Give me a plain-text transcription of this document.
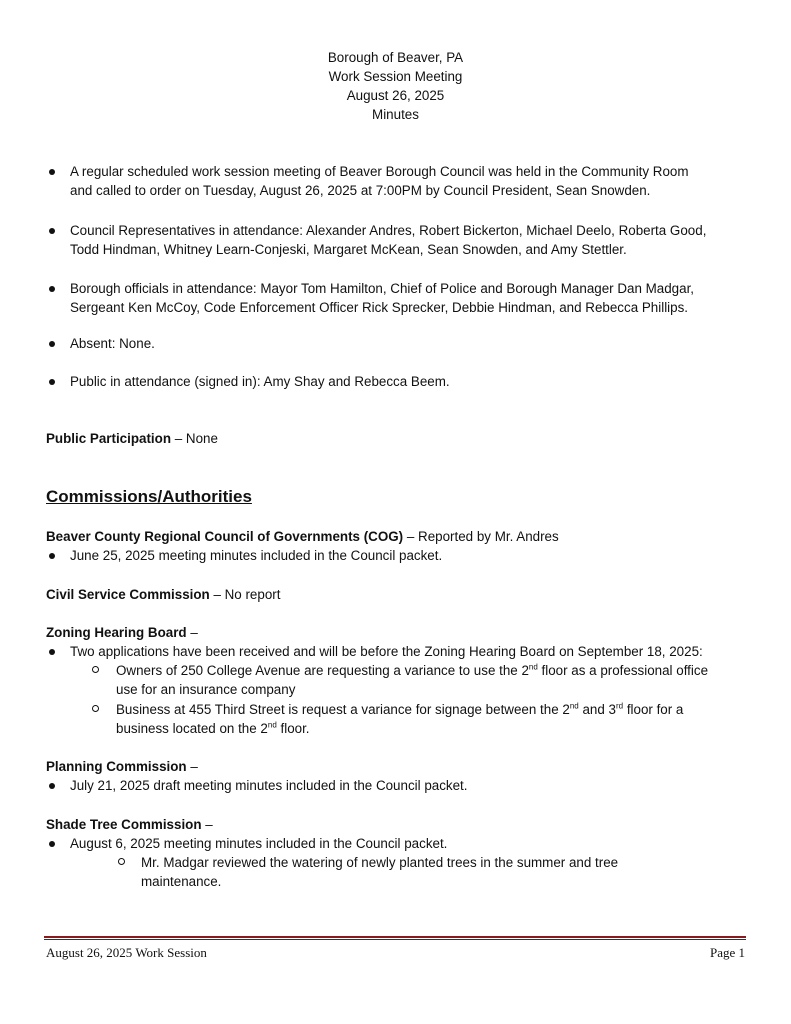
Borough of Beaver, PA
Work Session Meeting
August 26, 2025
Minutes
A regular scheduled work session meeting of Beaver Borough Council was held in the Community Room
and called to order on Tuesday, August 26, 2025 at 7:00PM by Council President, Sean Snowden.
Council Representatives in attendance: Alexander Andres, Robert Bickerton, Michael Deelo, Roberta Good,
Todd Hindman, Whitney Learn-Conjeski, Margaret McKean, Sean Snowden, and Amy Stettler.
Borough officials in attendance: Mayor Tom Hamilton, Chief of Police and Borough Manager Dan Madgar,
Sergeant Ken McCoy, Code Enforcement Officer Rick Sprecker, Debbie Hindman, and Rebecca Phillips.
Absent: None.
Public in attendance (signed in): Amy Shay and Rebecca Beem.
Public Participation – None
Commissions/Authorities
Beaver County Regional Council of Governments (COG) – Reported by Mr. Andres
June 25, 2025 meeting minutes included in the Council packet.
Civil Service Commission – No report
Zoning Hearing Board –
Two applications have been received and will be before the Zoning Hearing Board on September 18, 2025:
Owners of 250 College Avenue are requesting a variance to use the 2nd floor as a professional office
use for an insurance company
Business at 455 Third Street is request a variance for signage between the 2nd and 3rd floor for a
business located on the 2nd floor.
Planning Commission –
July 21, 2025 draft meeting minutes included in the Council packet.
Shade Tree Commission –
August 6, 2025 meeting minutes included in the Council packet.
Mr. Madgar reviewed the watering of newly planted trees in the summer and tree
maintenance.
August 26, 2025 Work Session	Page 1
